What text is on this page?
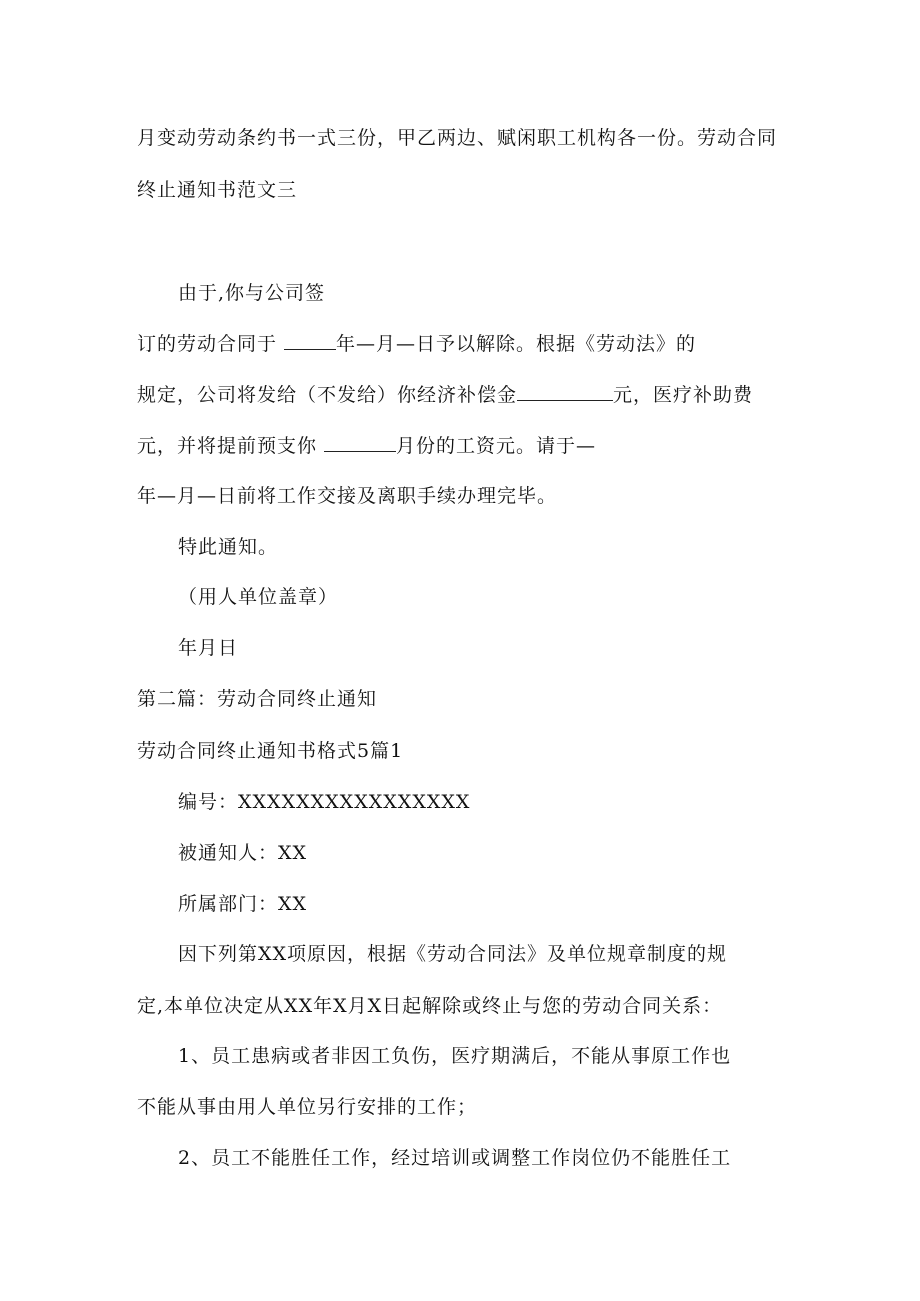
月变动劳动条约书一式三份，甲乙两边、赋闲职工机构各一份。劳动合同
终止通知书范文三
由于,你与公司签
订的劳动合同于	年—月—日予以解除。根据《劳动法》的
规定，公司将发给（不发给）你经济补偿金	元，医疗补助费
元，并将提前预支你	月份的工资元。请于—
年—月—日前将工作交接及离职手续办理完毕。
特此通知。
（用人单位盖章）
年月日
第二篇：劳动合同终止通知
劳动合同终止通知书格式5篇1
编号：XXXXXXXXXXXXXXXX
被通知人：XX
所属部门：XX
因下列第XX项原因，根据《劳动合同法》及单位规章制度的规
定,本单位决定从XX年X月X日起解除或终止与您的劳动合同关系：
1、员工患病或者非因工负伤，医疗期满后，不能从事原工作也
不能从事由用人单位另行安排的工作；
2、员工不能胜任工作，经过培训或调整工作岗位仍不能胜任工
